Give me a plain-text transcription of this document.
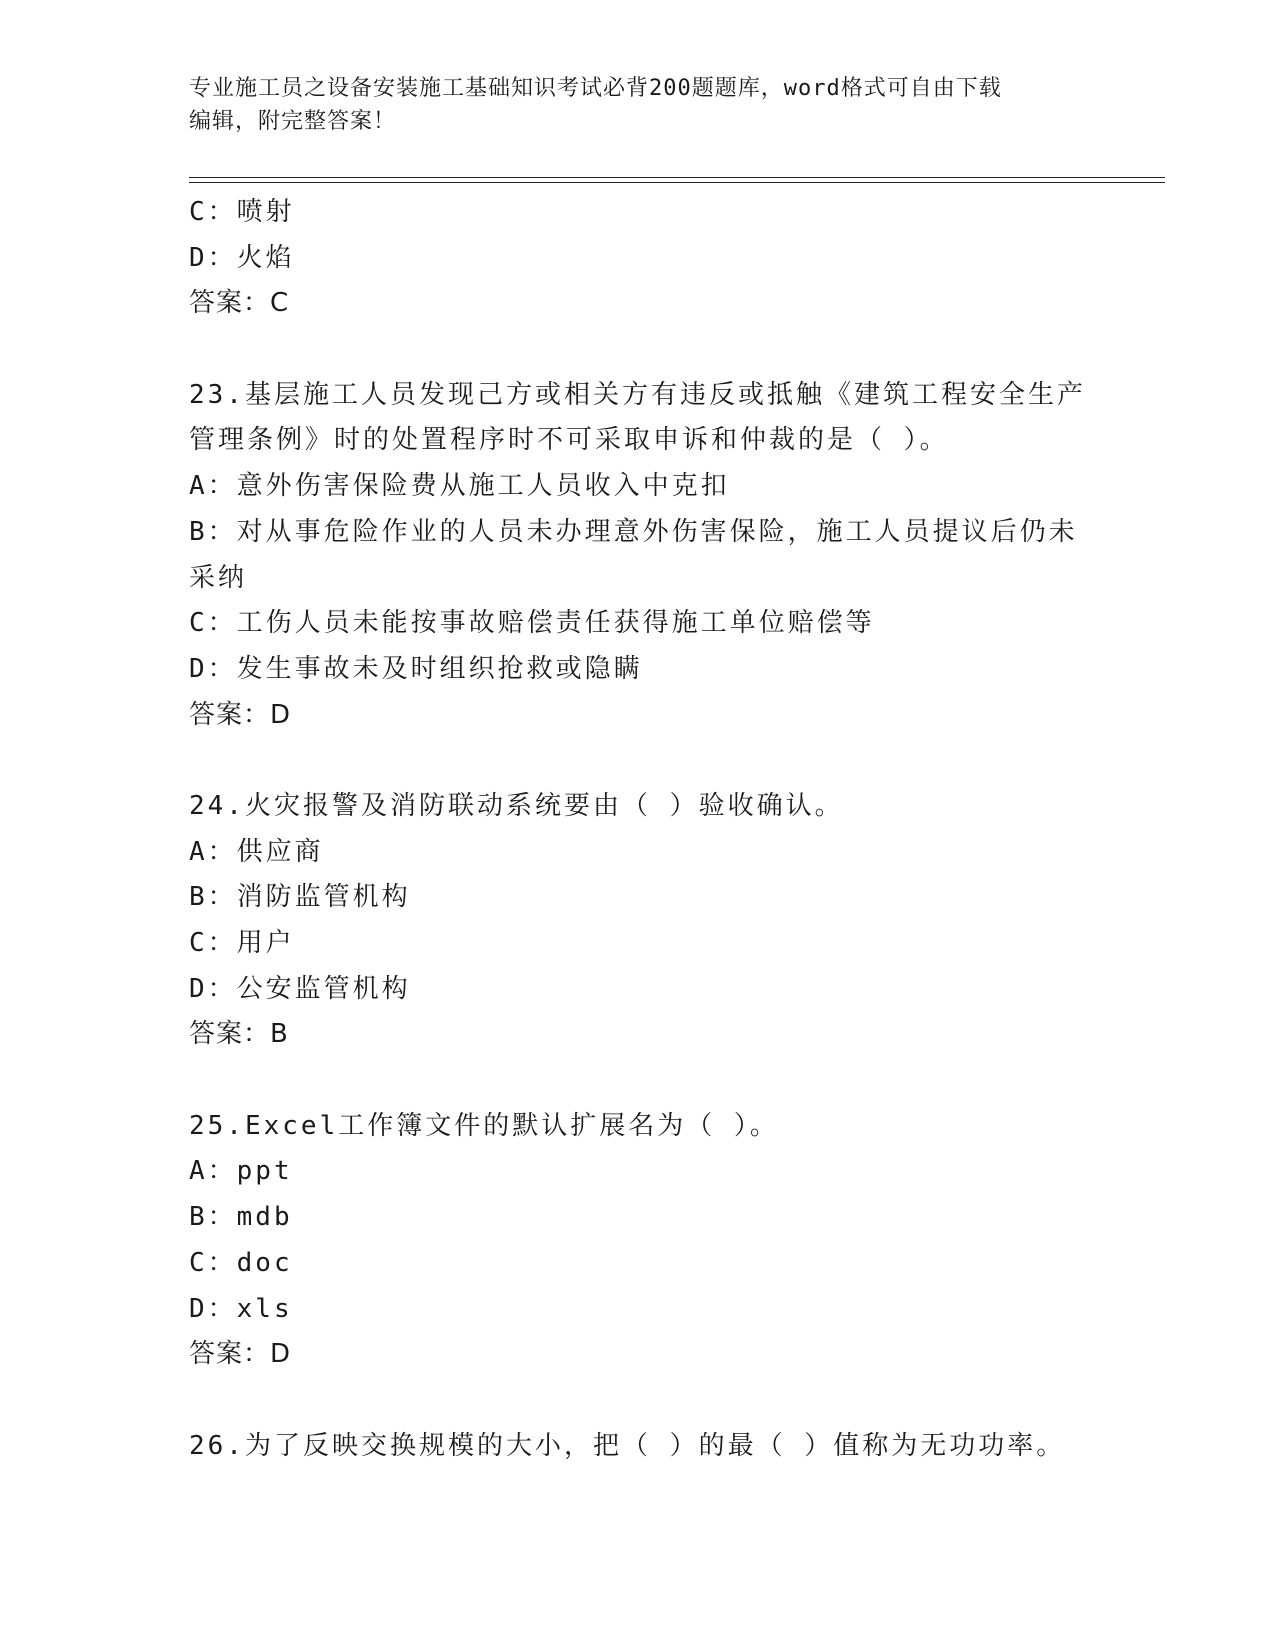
专业施工员之设备安装施工基础知识考试必背200题题库，word格式可自由下载
编辑，附完整答案！
C：喷射
D：火焰
答案：C
23.基层施工人员发现己方或相关方有违反或抵触《建筑工程安全生产
管理条例》时的处置程序时不可采取申诉和仲裁的是（ ）。
A：意外伤害保险费从施工人员收入中克扣
B：对从事危险作业的人员未办理意外伤害保险，施工人员提议后仍未
采纳
C：工伤人员未能按事故赔偿责任获得施工单位赔偿等
D：发生事故未及时组织抢救或隐瞒
答案：D
24.火灾报警及消防联动系统要由（ ）验收确认。
A：供应商
B：消防监管机构
C：用户
D：公安监管机构
答案：B
25.Excel工作簿文件的默认扩展名为（ ）。
A：ppt
B：mdb
C：doc
D：xls
答案：D
26.为了反映交换规模的大小，把（ ）的最（ ）值称为无功功率。
